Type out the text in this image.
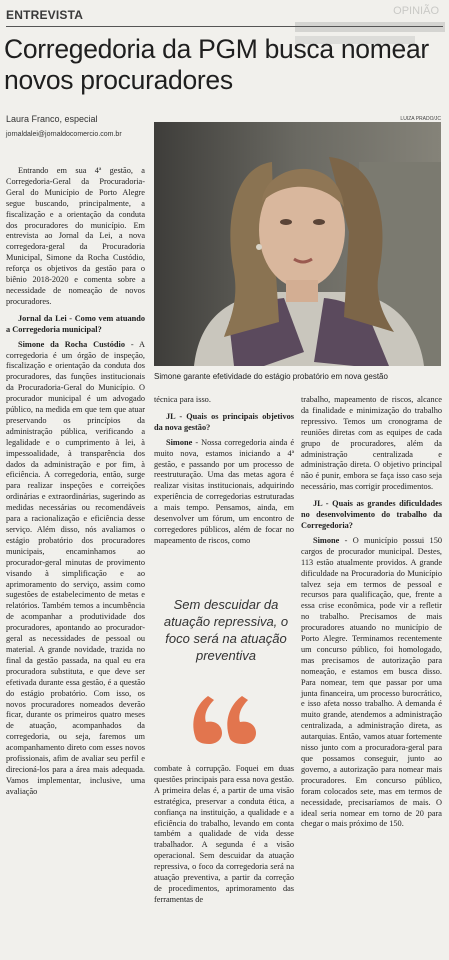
ENTREVISTA	OPINIÃO
Corregedoria da PGM busca nomear novos procuradores
Laura Franco, especial
jornaldalei@jornaldocomercio.com.br
LUIZA PRADO/JC
Simone garante efetividade do estágio probatório em nova gestão

Entrando em sua 4ª gestão, a Corregedoria-Geral da Procuradoria-Geral do Município de Porto Alegre segue buscando, principalmente, a fiscalização e a orientação da conduta dos procuradores do município. Em entrevista ao Jornal da Lei, a nova corregedora-geral da Procuradoria Municipal, Simone da Rocha Custódio, reforça os objetivos da gestão para o biênio 2018-2020 e comenta sobre a necessidade de nomeação de novos procuradores.

Jornal da Lei - Como vem atuando a Corregedoria municipal?

Simone da Rocha Custódio - A corregedoria é um órgão de inspeção, fiscalização e orientação da conduta dos procuradores, das funções institucionais da Procuradoria-Geral do Município. O procurador municipal é um advogado público, na medida em que tem que atuar preservando os princípios da administração pública, verificando a legalidade e o cumprimento à lei, à impessoalidade, à transparência dos dados da administração e por fim, à eficiência. A corregedoria, então, surge para realizar inspeções e correições ordinárias e extraordinárias, sugerindo as medidas necessárias ou recomendáveis para a racionalização e eficiência desse serviço. Além disso, nós avaliamos o estágio probatório dos procuradores municipais, encaminhamos ao procurador-geral minutas de provimento visando à simplificação e ao aprimoramento do serviço, assim como sugestões de estabelecimento de metas e relatórios. Também temos a incumbência de acompanhar a produtividade dos procuradores, apontando ao procurador-geral as necessidades de pessoal ou material. A grande novidade, trazida no final da gestão passada, na qual eu era procuradora substituta, e que deve ser efetivada durante essa gestão, é a questão do estágio probatório. Com isso, os novos procuradores nomeados deverão ficar, durante os primeiros quatro meses de atuação, acompanhados da corregedoria, ou seja, faremos um acompanhamento direto com esses novos profissionais, afim de avaliar seu perfil e direcioná-los para a área mais adequada. Vamos implementar, inclusive, uma avaliação

técnica para isso.

JL - Quais os principais objetivos da nova gestão?

Simone - Nossa corregedoria ainda é muito nova, estamos iniciando a 4ª gestão, e passando por um processo de reestruturação. Uma das metas agora é realizar visitas institucionais, adquirindo experiência de corregedorias estruturadas a mais tempo. Pensamos, ainda, em desenvolver um fórum, um encontro de corregedores públicos, além de focar no mapeamento de riscos, como

Sem descuidar da atuação repressiva, o foco será na atuação preventiva

combate à corrupção. Foquei em duas questões principais para essa nova gestão. A primeira delas é, a partir de uma visão estratégica, preservar a conduta ética, a confiança na instituição, a qualidade e a eficiência do trabalho, levando em conta também a qualidade de vida desse trabalhador. A segunda é a visão operacional. Sem descuidar da atuação repressiva, o foco da corregedoria será na atuação preventiva, a partir da correção de procedimentos, aprimoramento das ferramentas de

trabalho, mapeamento de riscos, alcance da finalidade e minimização do trabalho repressivo. Temos um cronograma de reuniões diretas com as equipes de cada grupo de procuradores, além da administração centralizada e administração direta. O objetivo principal não é punir, embora se faça isso caso seja necessário, mas corrigir procedimentos.

JL - Quais as grandes dificuldades no desenvolvimento do trabalho da Corregedoria?

Simone - O município possui 150 cargos de procurador municipal. Destes, 113 estão atualmente providos. A grande dificuldade na Procuradoria do Município talvez seja em termos de pessoal e recursos para qualificação, que, frente a essa crise econômica, pode vir a refletir no trabalho. Precisamos de mais procuradores atuando no município de Porto Alegre. Terminamos recentemente um concurso público, foi homologado, mas precisamos de autorização para nomeação, e estamos em busca disso. Para nomear, tem que passar por uma junta financeira, um processo burocrático, e isso afeta nosso trabalho. A demanda é muito grande, atendemos a administração centralizada, a administração direta, as autarquias. Então, vamos atuar fortemente nisso junto com a procuradora-geral para que possamos conseguir, junto ao governo, a autorização para nomear mais procuradores. Em concurso público, foram colocados sete, mas em termos de necessidade, precisaríamos de mais. O ideal seria nomear em torno de 20 para chegar o mais próximo de 150.
